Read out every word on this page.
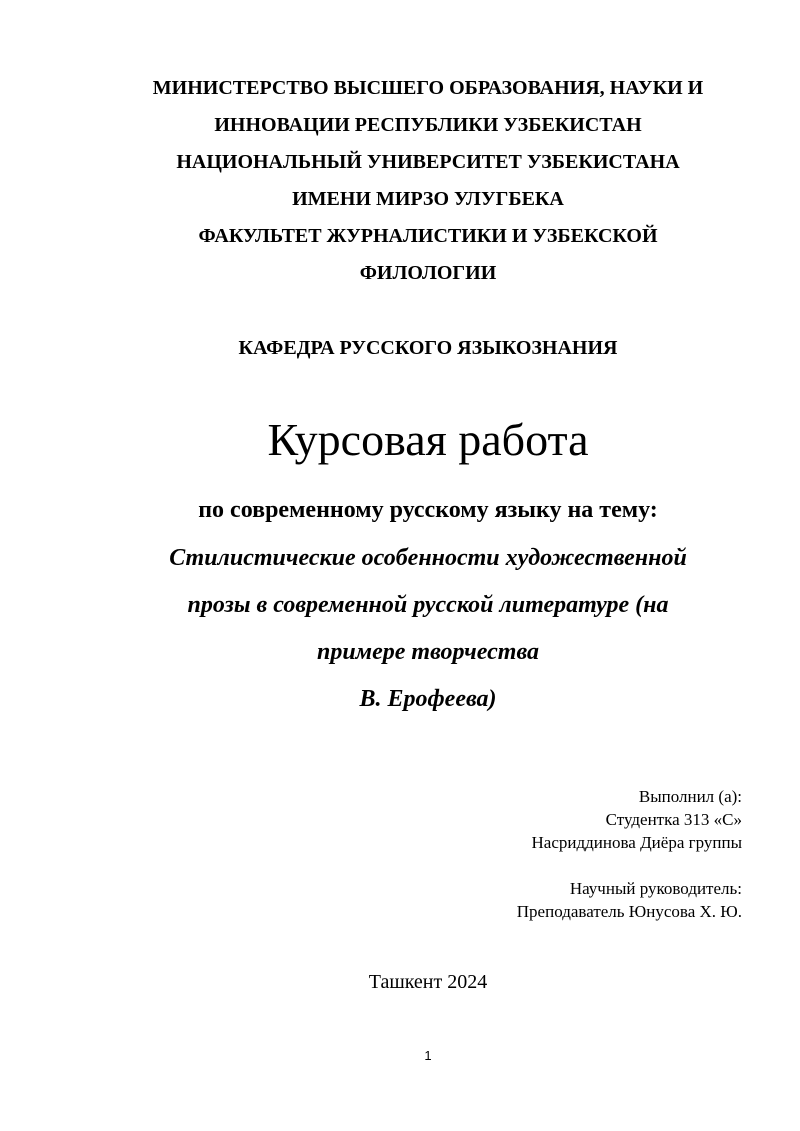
МИНИСТЕРСТВО ВЫСШЕГО ОБРАЗОВАНИЯ, НАУКИ И
ИННОВАЦИИ РЕСПУБЛИКИ УЗБЕКИСТАН
НАЦИОНАЛЬНЫЙ УНИВЕРСИТЕТ УЗБЕКИСТАНА
ИМЕНИ МИРЗО УЛУГБЕКА
ФАКУЛЬТЕТ ЖУРНАЛИСТИКИ И УЗБЕКСКОЙ
ФИЛОЛОГИИ
КАФЕДРА РУССКОГО ЯЗЫКОЗНАНИЯ
Курсовая работа
по современному русскому языку на тему:
Стилистические особенности художественной
прозы в современной русской литературе (на
примере творчества
В. Ерофеева)
Выполнил (а):
Студентка 313 «С»
Насриддинова Диёра группы
Научный руководитель:
Преподаватель Юнусова Х. Ю.
Ташкент 2024
1
